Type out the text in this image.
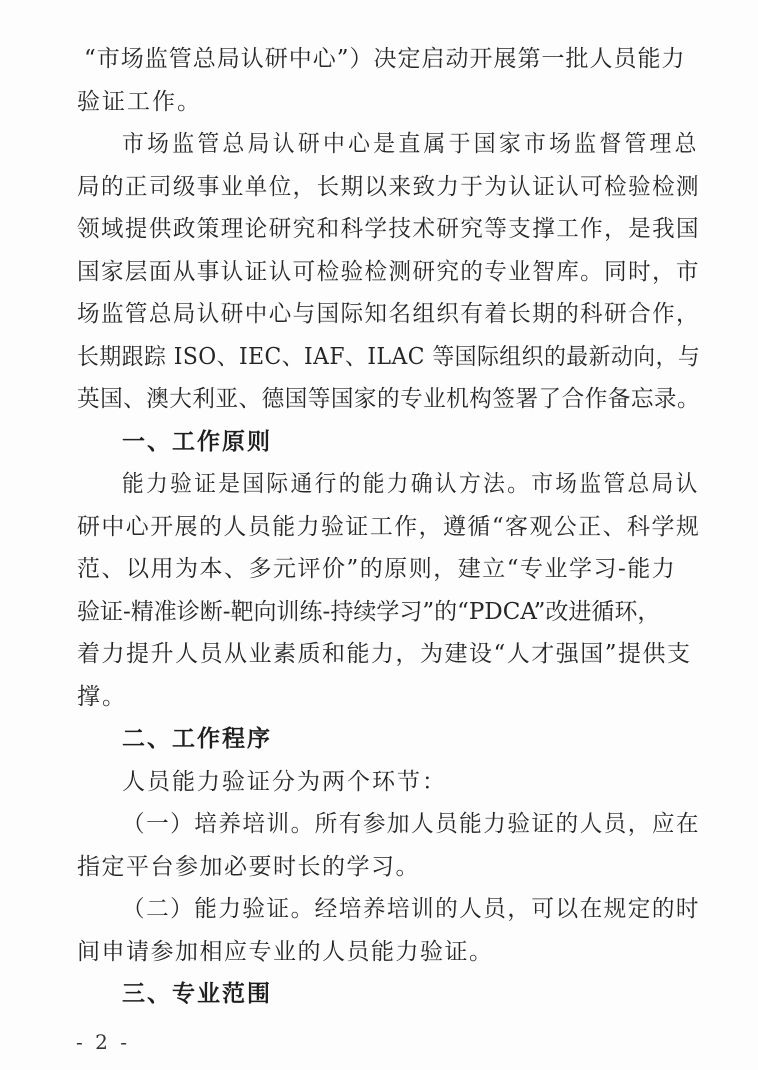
“市场监管总局认研中心”）决定启动开展第一批人员能力
验证工作。
市场监管总局认研中心是直属于国家市场监督管理总
局的正司级事业单位，长期以来致力于为认证认可检验检测
领域提供政策理论研究和科学技术研究等支撑工作，是我国
国家层面从事认证认可检验检测研究的专业智库。同时，市
场监管总局认研中心与国际知名组织有着长期的科研合作，
长期跟踪 ISO、IEC、IAF、ILAC 等国际组织的最新动向，与
英国、澳大利亚、德国等国家的专业机构签署了合作备忘录。
一、工作原则
能力验证是国际通行的能力确认方法。市场监管总局认
研中心开展的人员能力验证工作，遵循“客观公正、科学规
范、以用为本、多元评价”的原则，建立“专业学习-能力
验证-精准诊断-靶向训练-持续学习”的“PDCA”改进循环，
着力提升人员从业素质和能力，为建设“人才强国”提供支
撑。
二、工作程序
人员能力验证分为两个环节：
（一）培养培训。所有参加人员能力验证的人员，应在
指定平台参加必要时长的学习。
（二）能力验证。经培养培训的人员，可以在规定的时
间申请参加相应专业的人员能力验证。
三、专业范围
- 2 -
